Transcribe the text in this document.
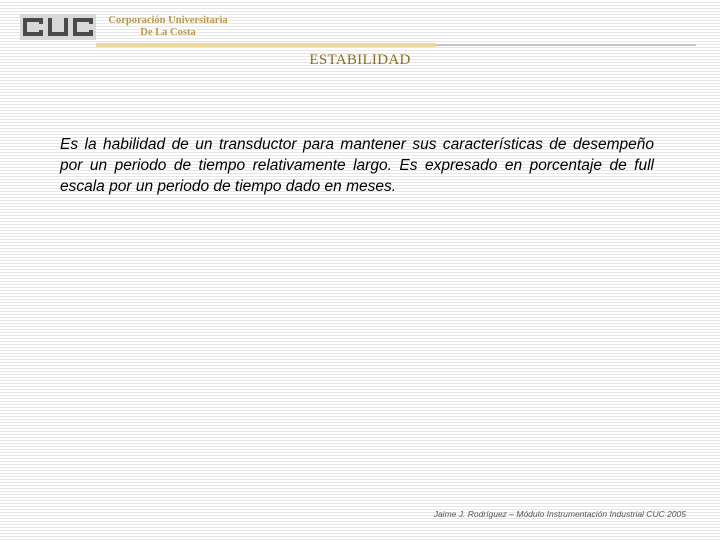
Corporación Universitaria
De La Costa
ESTABILIDAD
Es la habilidad de un transductor para mantener sus características de desempeño por un periodo de tiempo relativamente largo. Es expresado en porcentaje de full escala por un periodo de tiempo dado en meses.
Jaime J. Rodríguez – Módulo Instrumentación Industrial CUC 2005
